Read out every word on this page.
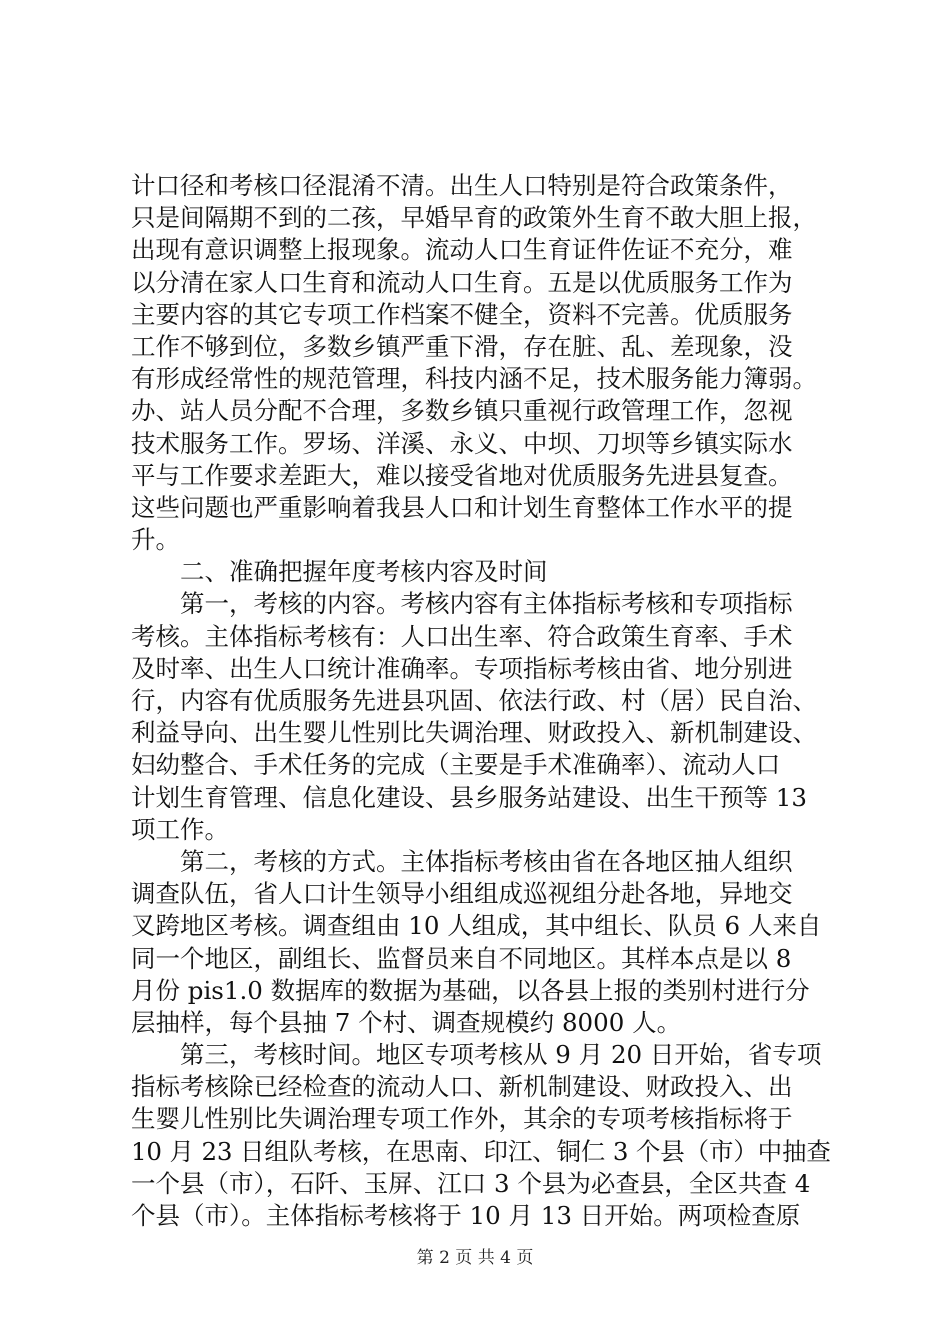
计口径和考核口径混淆不清。出生人口特别是符合政策条件，
只是间隔期不到的二孩，早婚早育的政策外生育不敢大胆上报，
出现有意识调整上报现象。流动人口生育证件佐证不充分，难
以分清在家人口生育和流动人口生育。五是以优质服务工作为
主要内容的其它专项工作档案不健全，资料不完善。优质服务
工作不够到位，多数乡镇严重下滑，存在脏、乱、差现象，没
有形成经常性的规范管理，科技内涵不足，技术服务能力簿弱。
办、站人员分配不合理，多数乡镇只重视行政管理工作，忽视
技术服务工作。罗场、洋溪、永义、中坝、刀坝等乡镇实际水
平与工作要求差距大，难以接受省地对优质服务先进县复查。
这些问题也严重影响着我县人口和计划生育整体工作水平的提
升。
　　二、准确把握年度考核内容及时间
　　第一，考核的内容。考核内容有主体指标考核和专项指标
考核。主体指标考核有：人口出生率、符合政策生育率、手术
及时率、出生人口统计准确率。专项指标考核由省、地分别进
行，内容有优质服务先进县巩固、依法行政、村（居）民自治、
利益导向、出生婴儿性别比失调治理、财政投入、新机制建设、
妇幼整合、手术任务的完成（主要是手术准确率）、流动人口
计划生育管理、信息化建设、县乡服务站建设、出生干预等 13
项工作。
　　第二，考核的方式。主体指标考核由省在各地区抽人组织
调查队伍，省人口计生领导小组组成巡视组分赴各地，异地交
叉跨地区考核。调查组由 10 人组成，其中组长、队员 6 人来自
同一个地区，副组长、监督员来自不同地区。其样本点是以 8
月份 pis1.0 数据库的数据为基础，以各县上报的类别村进行分
层抽样，每个县抽 7 个村、调查规模约 8000 人。
　　第三，考核时间。地区专项考核从 9 月 20 日开始，省专项
指标考核除已经检查的流动人口、新机制建设、财政投入、出
生婴儿性别比失调治理专项工作外，其余的专项考核指标将于
10 月 23 日组队考核，在思南、印江、铜仁 3 个县（市）中抽查
一个县（市），石阡、玉屏、江口 3 个县为必查县，全区共查 4
个县（市）。主体指标考核将于 10 月 13 日开始。两项检查原
第 2 页 共 4 页
